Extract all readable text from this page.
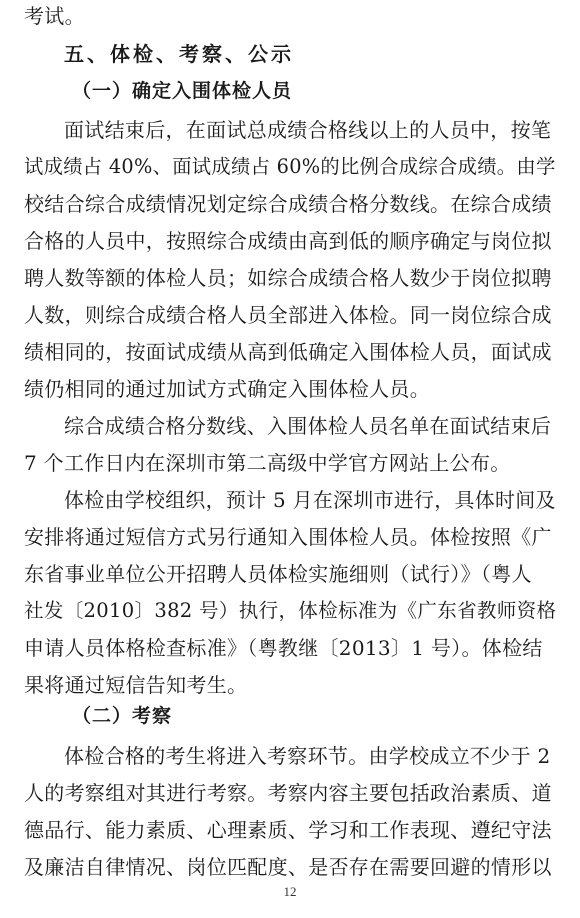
考试。
五、体检、考察、公示
（一）确定入围体检人员
面试结束后，在面试总成绩合格线以上的人员中，按笔
试成绩占 40%、面试成绩占 60%的比例合成综合成绩。由学
校结合综合成绩情况划定综合成绩合格分数线。在综合成绩
合格的人员中，按照综合成绩由高到低的顺序确定与岗位拟
聘人数等额的体检人员；如综合成绩合格人数少于岗位拟聘
人数，则综合成绩合格人员全部进入体检。同一岗位综合成
绩相同的，按面试成绩从高到低确定入围体检人员，面试成
绩仍相同的通过加试方式确定入围体检人员。
综合成绩合格分数线、入围体检人员名单在面试结束后
7 个工作日内在深圳市第二高级中学官方网站上公布。
体检由学校组织，预计 5 月在深圳市进行，具体时间及
安排将通过短信方式另行通知入围体检人员。体检按照《广
东省事业单位公开招聘人员体检实施细则（试行）》（粤人
社发〔2010〕382 号）执行，体检标准为《广东省教师资格
申请人员体格检查标准》（粤教继〔2013〕1 号）。体检结
果将通过短信告知考生。
（二）考察
体检合格的考生将进入考察环节。由学校成立不少于 2
人的考察组对其进行考察。考察内容主要包括政治素质、道
德品行、能力素质、心理素质、学习和工作表现、遵纪守法
及廉洁自律情况、岗位匹配度、是否存在需要回避的情形以
12
